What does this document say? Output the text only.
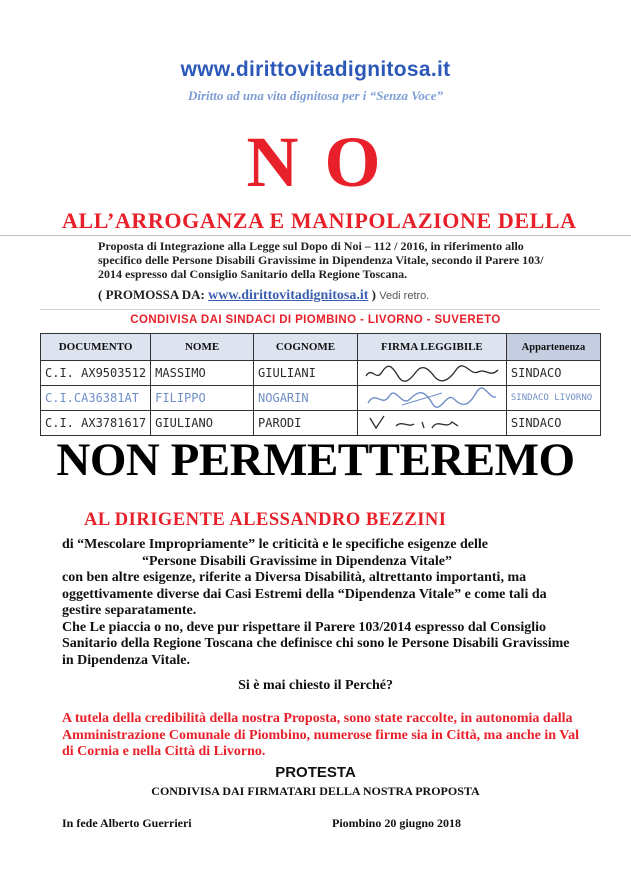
www.dirittovitadignitosa.it
Diritto ad una vita dignitosa per i “Senza Voce”
N O
ALL’ARROGANZA E MANIPOLAZIONE DELLA
Proposta di Integrazione alla Legge sul Dopo di Noi – 112 / 2016, in riferimento allo specifico delle Persone Disabili Gravissime in Dipendenza Vitale, secondo il Parere 103/ 2014 espresso dal Consiglio Sanitario della Regione Toscana.
( PROMOSSA DA: www.dirittovitadignitosa.it ) Vedi retro.
CONDIVISA DAI SINDACI DI PIOMBINO - LIVORNO - SUVERETO
DOCUMENTO	NOME	COGNOME	FIRMA LEGGIBILE	Appartenenza
C.I. AX9503512	MASSIMO	GIULIANI		SINDACO
C.I.CA36381AT	FILIPPO	NOGARIN		SINDACO LIVORNO
C.I. AX3781617	GIULIANO	PARODI		SINDACO
NON PERMETTEREMO
AL DIRIGENTE ALESSANDRO BEZZINI

di “Mescolare Impropriamente” le criticità e le specifiche esigenze delle

“Persone Disabili Gravissime in Dipendenza Vitale”

con ben altre esigenze, riferite a Diversa Disabilità, altrettanto importanti, ma oggettivamente diverse dai Casi Estremi della “Dipendenza Vitale” e come tali da gestire separatamente.

Che Le piaccia o no, deve pur rispettare il Parere 103/2014 espresso dal Consiglio Sanitario della Regione Toscana che definisce chi sono le Persone Disabili Gravissime in Dipendenza Vitale.

Si è mai chiesto il Perché?
A tutela della credibilità della nostra Proposta, sono state raccolte, in autonomia dalla Amministrazione Comunale di Piombino, numerose firme sia in Città, ma anche in Val di Cornia e nella Città di Livorno.
PROTESTA
CONDIVISA DAI FIRMATARI DELLA NOSTRA PROPOSTA
In fede Alberto Guerrieri	Piombino 20 giugno 2018
